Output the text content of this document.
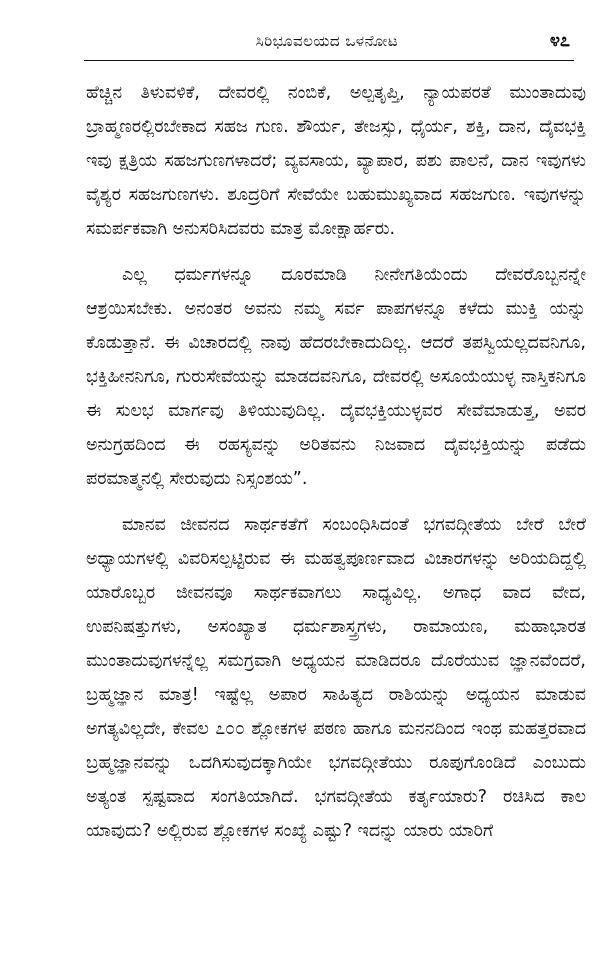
ಸಿರಿಭೂವಲಯದ ಒಳನೋಟ	೪೭

ಹೆಚ್ಚಿನ ತಿಳುವಳಿಕೆ, ದೇವರಲ್ಲಿ ನಂಬಿಕೆ, ಅಲ್ಪತೃಪ್ತಿ, ನ್ಯಾಯಪರತೆ ಮುಂತಾದುವು ಬ್ರಾಹ್ಮಣರಲ್ಲಿರಬೇಕಾದ ಸಹಜ ಗುಣ. ಶೌರ್ಯ, ತೇಜಸ್ಸು, ಧೈರ್ಯ, ಶಕ್ತಿ, ದಾನ, ದೈವಭಕ್ತಿ ಇವು ಕ್ಷತ್ರಿಯ ಸಹಜಗುಣಗಳಾದರೆ; ವ್ಯವಸಾಯ, ವ್ಯಾಪಾರ, ಪಶು ಪಾಲನೆ, ದಾನ ಇವುಗಳು ವೈಶ್ಯರ ಸಹಜಗುಣಗಳು. ಶೂದ್ರರಿಗೆ ಸೇವೆಯೇ ಬಹುಮುಖ್ಯವಾದ ಸಹಜಗುಣ. ಇವುಗಳನ್ನು ಸಮರ್ಪಕವಾಗಿ ಅನುಸರಿಸಿದವರು ಮಾತ್ರ ಮೋಕ್ಷಾರ್ಹರು.

ಎಲ್ಲ ಧರ್ಮಗಳನ್ನೂ ದೂರಮಾಡಿ ನೀನೇಗತಿಯೆಂದು ದೇವರೊಬ್ಬನನ್ನೇ ಆಶ್ರಯಿಸಬೇಕು. ಅನಂತರ ಅವನು ನಮ್ಮ ಸರ್ವ ಪಾಪಗಳನ್ನೂ ಕಳೆದು ಮುಕ್ತಿ ಯನ್ನು ಕೊಡುತ್ತಾನೆ. ಈ ವಿಚಾರದಲ್ಲಿ ನಾವು ಹೆದರಬೇಕಾದುದಿಲ್ಲ. ಆದರೆ ತಪಸ್ವಿಯಲ್ಲದವನಿಗೂ, ಭಕ್ತಿಹೀನನಿಗೂ, ಗುರುಸೇವೆಯನ್ನು ಮಾಡದವನಿಗೂ, ದೇವರಲ್ಲಿ ಅಸೂಯೆಯುಳ್ಳ ನಾಸ್ತಿಕನಿಗೂ ಈ ಸುಲಭ ಮಾರ್ಗವು ತಿಳಿಯುವುದಿಲ್ಲ. ದೈವಭಕ್ತಿಯುಳ್ಳವರ ಸೇವೆಮಾಡುತ್ತ, ಅವರ ಅನುಗ್ರಹದಿಂದ ಈ ರಹಸ್ಯವನ್ನು ಅರಿತವನು ನಿಜವಾದ ದೈವಭಕ್ತಿಯನ್ನು ಪಡೆದು ಪರಮಾತ್ಮನಲ್ಲಿ ಸೇರುವುದು ನಿಸ್ಸಂಶಯ”.

ಮಾನವ ಜೀವನದ ಸಾರ್ಥಕತೆಗೆ ಸಂಬಂಧಿಸಿದಂತೆ ಭಗವದ್ಗೀತೆಯ ಬೇರೆ ಬೇರೆ ಅಧ್ಯಾಯಗಳಲ್ಲಿ ವಿವರಿಸಲ್ಪಟ್ಟಿರುವ ಈ ಮಹತ್ವಪೂರ್ಣವಾದ ವಿಚಾರಗಳನ್ನು ಅರಿಯದಿದ್ದಲ್ಲಿ ಯಾರೊಬ್ಬರ ಜೀವನವೂ ಸಾರ್ಥಕವಾಗಲು ಸಾಧ್ಯವಿಲ್ಲ. ಅಗಾಧ ವಾದ ವೇದ, ಉಪನಿಷತ್ತುಗಳು, ಅಸಂಖ್ಯಾತ ಧರ್ಮಶಾಸ್ತ್ರಗಳು, ರಾಮಾಯಣ, ಮಹಾಭಾರತ ಮುಂತಾದುವುಗಳನ್ನೆಲ್ಲ ಸಮಗ್ರವಾಗಿ ಅಧ್ಯಯನ ಮಾಡಿದರೂ ದೊರೆಯುವ ಜ್ಞಾನವೆಂದರೆ, ಬ್ರಹ್ಮಜ್ಞಾನ ಮಾತ್ರ! ಇಷ್ಟೆಲ್ಲ ಅಪಾರ ಸಾಹಿತ್ಯದ ರಾಶಿಯನ್ನು ಅಧ್ಯಯನ ಮಾಡುವ ಅಗತ್ಯವಿಲ್ಲದೇ, ಕೇವಲ ೭೦೦ ಶ್ಲೋಕಗಳ ಪಠಣ ಹಾಗೂ ಮನನದಿಂದ ಇಂಥ ಮಹತ್ತರವಾದ ಬ್ರಹ್ಮಜ್ಞಾನವನ್ನು ಒದಗಿಸುವುದಕ್ಕಾಗಿಯೇ ಭಗವದ್ಗೀತೆಯು ರೂಪುಗೊಂಡಿದೆ ಎಂಬುದು ಅತ್ಯಂತ ಸ್ಪಷ್ಟವಾದ ಸಂಗತಿಯಾಗಿದೆ. ಭಗವದ್ಗೀತೆಯ ಕರ್ತೃಯಾರು? ರಚಿಸಿದ ಕಾಲ ಯಾವುದು? ಅಲ್ಲಿರುವ ಶ್ಲೋಕಗಳ ಸಂಖ್ಯೆ ಎಷ್ಟು? ಇದನ್ನು ಯಾರು ಯಾರಿಗೆ
